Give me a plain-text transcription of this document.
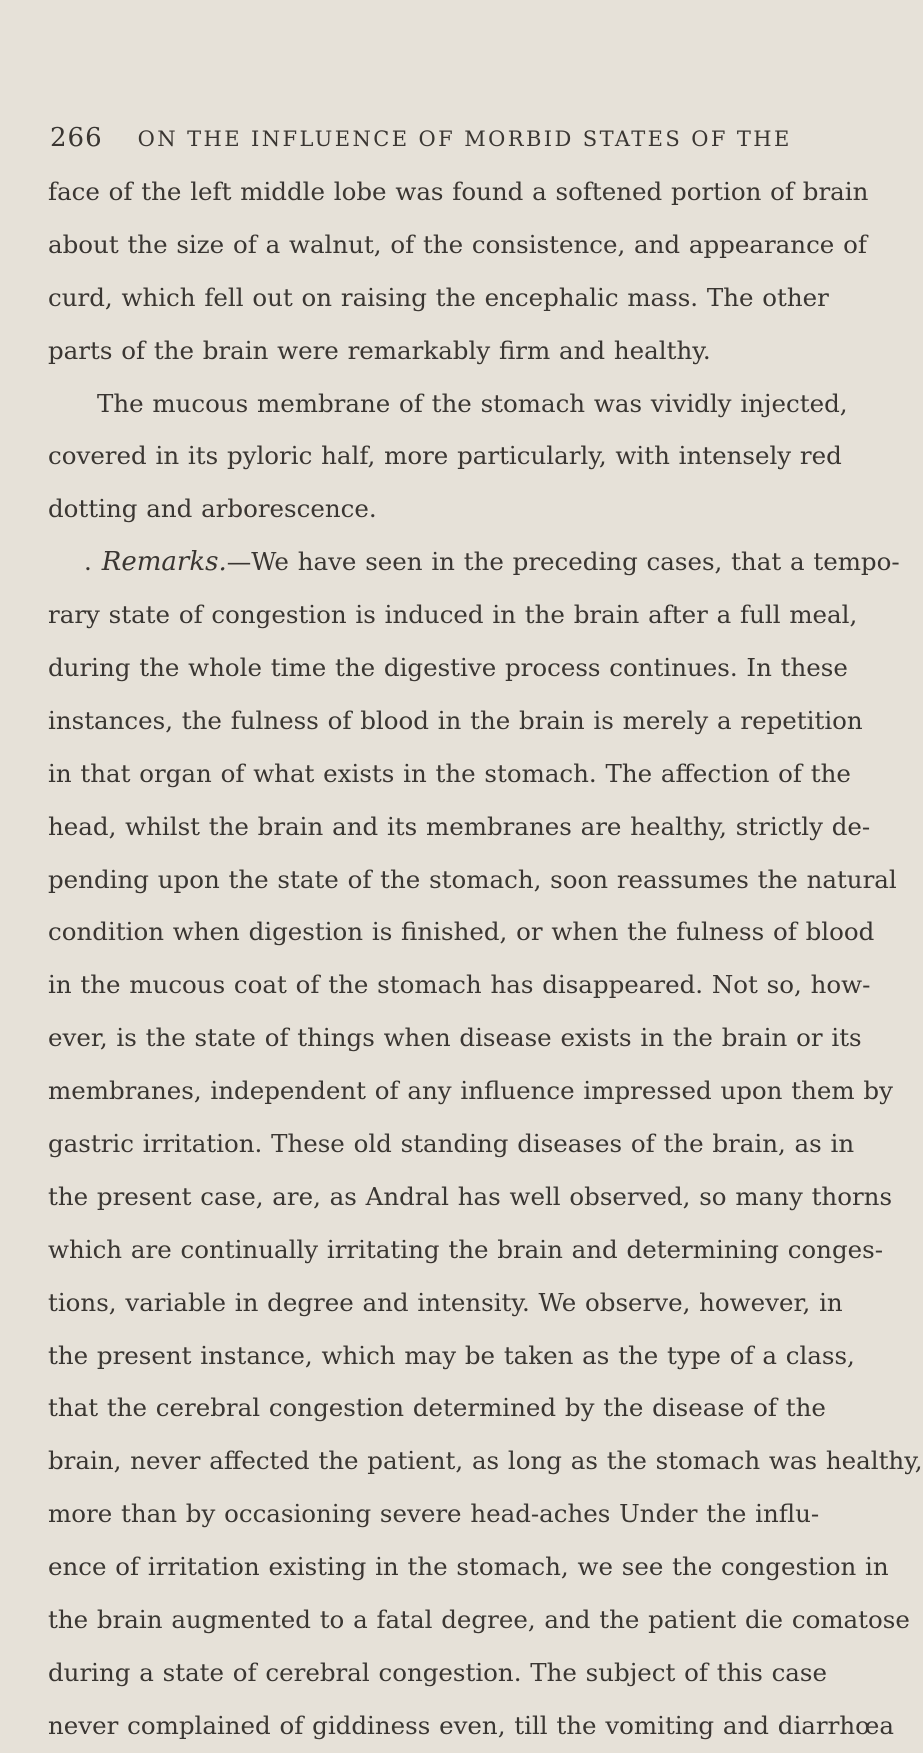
266 ON THE INFLUENCE OF MORBID STATES OF THE
face of the left middle lobe was found a softened portion of brain
about the size of a walnut, of the consistence, and appearance of
curd, which fell out on raising the encephalic mass. The other
parts of the brain were remarkably firm and healthy.
The mucous membrane of the stomach was vividly injected,
covered in its pyloric half, more particularly, with intensely red
dotting and arborescence.
. Remarks.—We have seen in the preceding cases, that a tempo-
rary state of congestion is induced in the brain after a full meal,
during the whole time the digestive process continues. In these
instances, the fulness of blood in the brain is merely a repetition
in that organ of what exists in the stomach. The affection of the
head, whilst the brain and its membranes are healthy, strictly de-
pending upon the state of the stomach, soon reassumes the natural
condition when digestion is finished, or when the fulness of blood
in the mucous coat of the stomach has disappeared. Not so, how-
ever, is the state of things when disease exists in the brain or its
membranes, independent of any influence impressed upon them by
gastric irritation. These old standing diseases of the brain, as in
the present case, are, as Andral has well observed, so many thorns
which are continually irritating the brain and determining conges-
tions, variable in degree and intensity. We observe, however, in
the present instance, which may be taken as the type of a class,
that the cerebral congestion determined by the disease of the
brain, never affected the patient, as long as the stomach was healthy,
more than by occasioning severe head-aches Under the influ-
ence of irritation existing in the stomach, we see the congestion in
the brain augmented to a fatal degree, and the patient die comatose
during a state of cerebral congestion. The subject of this case
never complained of giddiness even, till the vomiting and diarrhœa
